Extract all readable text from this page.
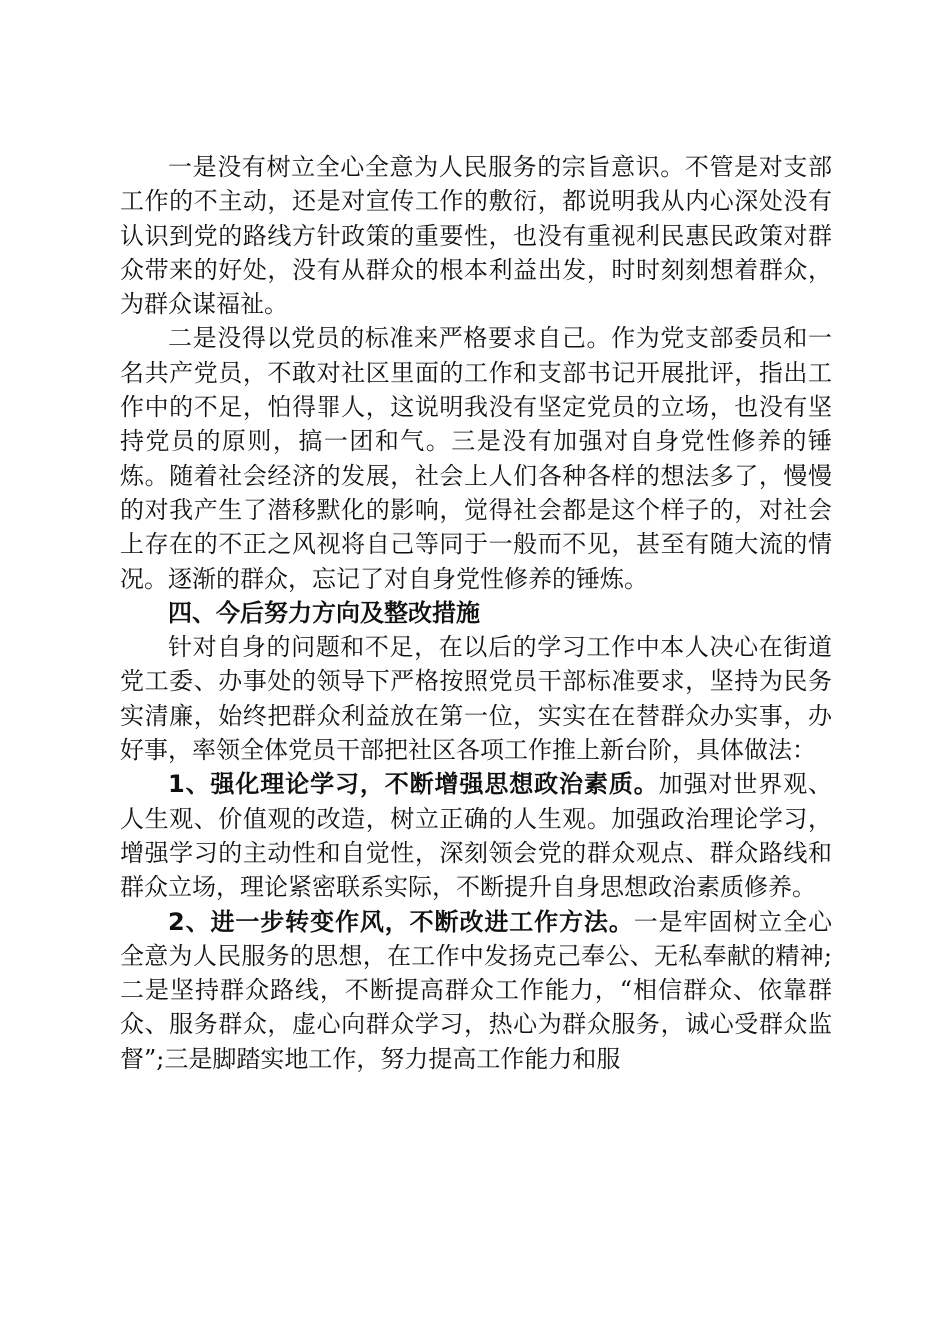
一是没有树立全心全意为人民服务的宗旨意识。不管是对支部工作的不主动，还是对宣传工作的敷衍，都说明我从内心深处没有认识到党的路线方针政策的重要性，也没有重视利民惠民政策对群众带来的好处，没有从群众的根本利益出发，时时刻刻想着群众，为群众谋福祉。

二是没得以党员的标准来严格要求自己。作为党支部委员和一名共产党员，不敢对社区里面的工作和支部书记开展批评，指出工作中的不足，怕得罪人，这说明我没有坚定党员的立场，也没有坚持党员的原则，搞一团和气。三是没有加强对自身党性修养的锤炼。随着社会经济的发展，社会上人们各种各样的想法多了，慢慢的对我产生了潜移默化的影响，觉得社会都是这个样子的，对社会上存在的不正之风视将自己等同于一般而不见，甚至有随大流的情况。逐渐的群众，忘记了对自身党性修养的锤炼。

四、今后努力方向及整改措施

针对自身的问题和不足，在以后的学习工作中本人决心在街道党工委、办事处的领导下严格按照党员干部标准要求，坚持为民务实清廉，始终把群众利益放在第一位，实实在在替群众办实事，办好事，率领全体党员干部把社区各项工作推上新台阶，具体做法：

1、强化理论学习，不断增强思想政治素质。加强对世界观、人生观、价值观的改造，树立正确的人生观。加强政治理论学习，增强学习的主动性和自觉性，深刻领会党的群众观点、群众路线和群众立场，理论紧密联系实际，不断提升自身思想政治素质修养。

2、进一步转变作风，不断改进工作方法。一是牢固树立全心全意为人民服务的思想，在工作中发扬克己奉公、无私奉献的精神;二是坚持群众路线，不断提高群众工作能力，“相信群众、依靠群众、服务群众，虚心向群众学习，热心为群众服务，诚心受群众监督”;三是脚踏实地工作，努力提高工作能力和服
